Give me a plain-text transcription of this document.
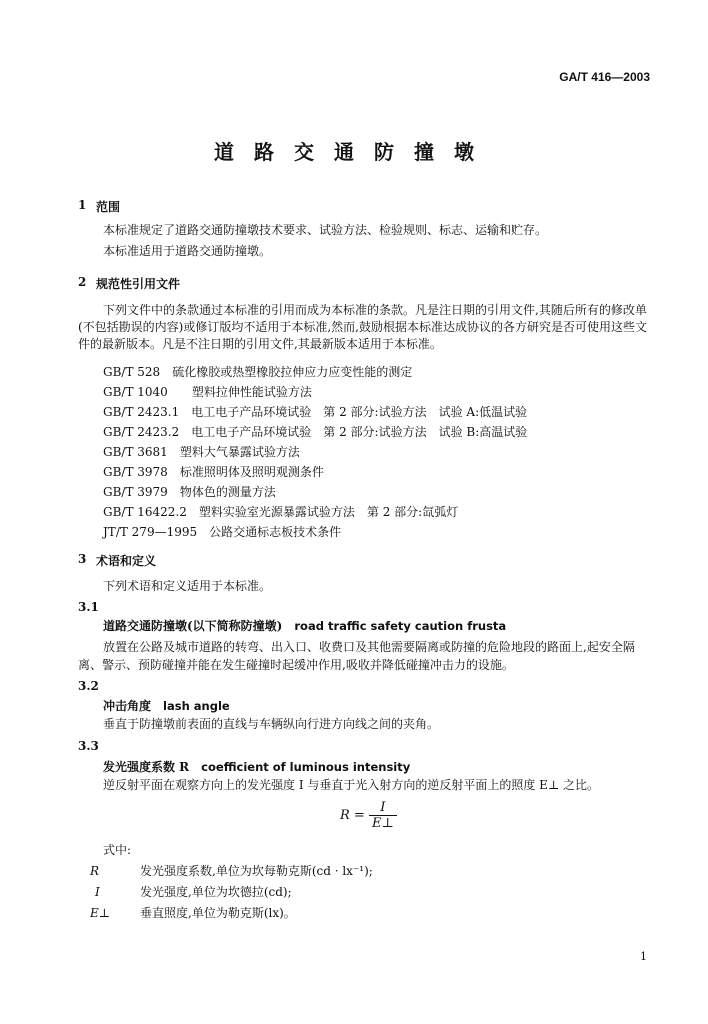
GA/T 416—2003
道路交通防撞墩
1 范围
本标准规定了道路交通防撞墩技术要求、试验方法、检验规则、标志、运输和贮存。
本标准适用于道路交通防撞墩。
2 规范性引用文件
下列文件中的条款通过本标准的引用而成为本标准的条款。凡是注日期的引用文件,其随后所有的修改单(不包括勘误的内容)或修订版均不适用于本标准,然而,鼓励根据本标准达成协议的各方研究是否可使用这些文件的最新版本。凡是不注日期的引用文件,其最新版本适用于本标准。
GB/T 528　 硫化橡胶或热塑橡胶拉伸应力应变性能的测定
GB/T 1040　　 塑料拉伸性能试验方法
GB/T 2423.1　 电工电子产品环境试验　第 2 部分:试验方法　试验 A:低温试验
GB/T 2423.2　 电工电子产品环境试验　第 2 部分:试验方法　试验 B:高温试验
GB/T 3681　 塑料大气暴露试验方法
GB/T 3978　 标准照明体及照明观测条件
GB/T 3979　 物体色的测量方法
GB/T 16422.2　 塑料实验室光源暴露试验方法　第 2 部分:氙弧灯
JT/T 279—1995　 公路交通标志板技术条件
3 术语和定义
下列术语和定义适用于本标准。
3.1
道路交通防撞墩(以下简称防撞墩)　 road traffic safety caution frusta
放置在公路及城市道路的转弯、出入口、收费口及其他需要隔离或防撞的危险地段的路面上,起安全隔离、警示、预防碰撞并能在发生碰撞时起缓冲作用,吸收并降低碰撞冲击力的设施。
3.2
冲击角度　 lash angle
垂直于防撞墩前表面的直线与车辆纵向行进方向线之间的夹角。
3.3
发光强度系数 R　 coefficient of luminous intensity
逆反射平面在观察方向上的发光强度 I 与垂直于光入射方向的逆反射平面上的照度 E⊥ 之比。
$R = \frac{I}{E\perp}$
式中:
R	发光强度系数,单位为坎每勒克斯(cd · lx⁻¹);
I	发光强度,单位为坎德拉(cd);
E⊥ 垂直照度,单位为勒克斯(lx)。
1
